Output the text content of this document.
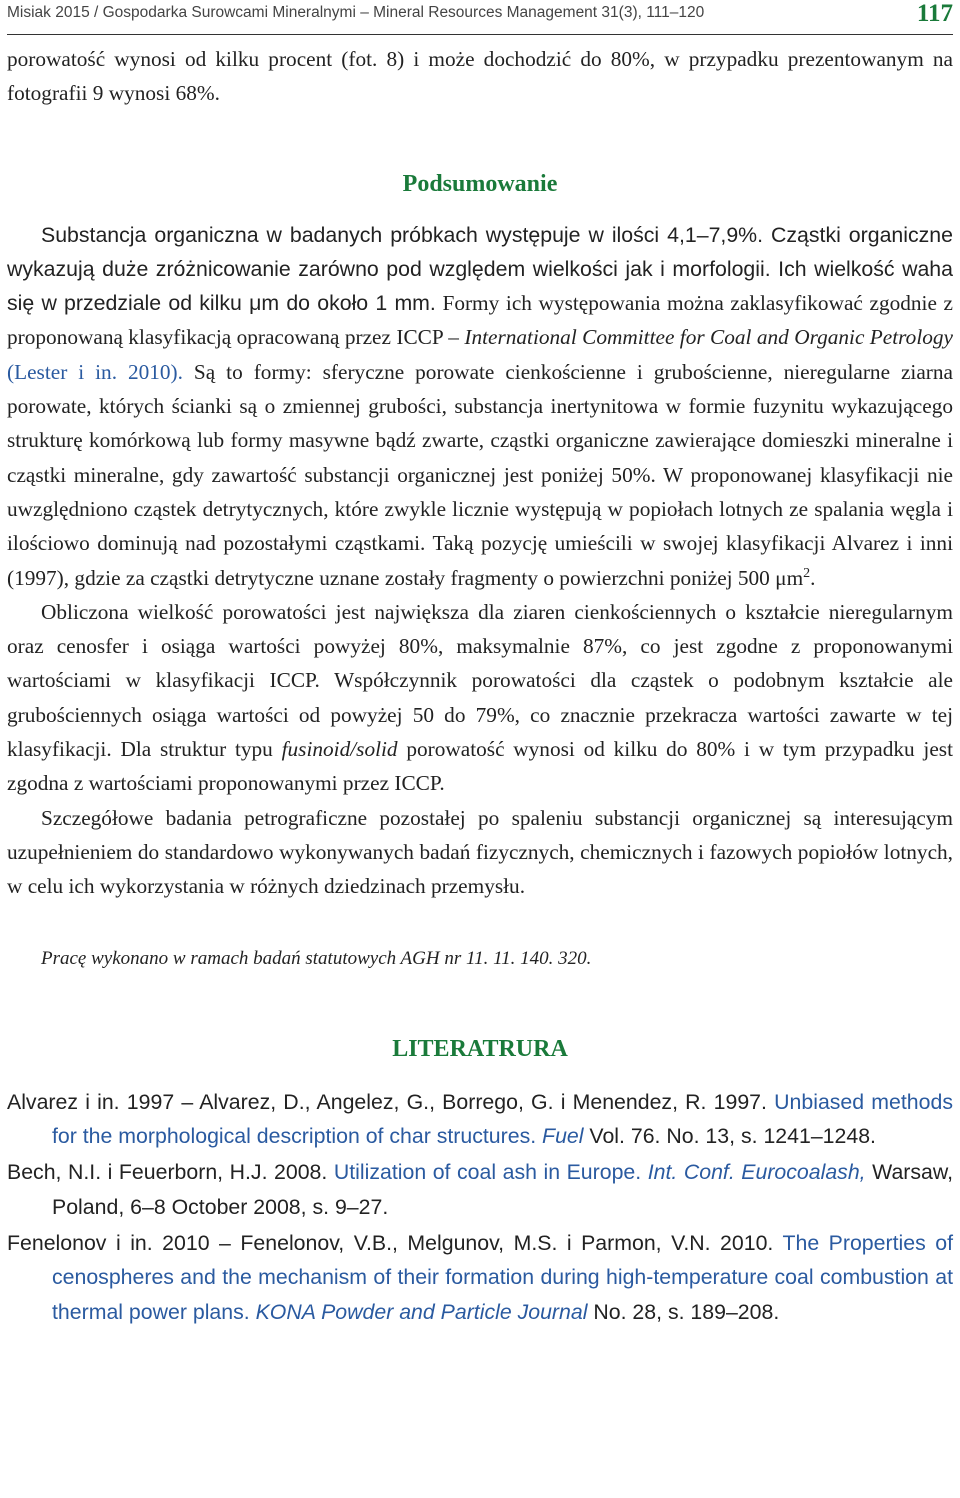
Misiak 2015 / Gospodarka Surowcami Mineralnymi – Mineral Resources Management 31(3), 111–120	117

porowatość wynosi od kilku procent (fot. 8) i może dochodzić do 80%, w przypadku prezentowanym na fotografii 9 wynosi 68%.

Podsumowanie

Substancja organiczna w badanych próbkach występuje w ilości 4,1–7,9%. Cząstki organiczne wykazują duże zróżnicowanie zarówno pod względem wielkości jak i morfologii. Ich wielkość waha się w przedziale od kilku μm do około 1 mm. Formy ich występowania można zaklasyfikować zgodnie z proponowaną klasyfikacją opracowaną przez ICCP – International Committee for Coal and Organic Petrology (Lester i in. 2010). Są to formy: sferyczne porowate cienkościenne i grubościenne, nieregularne ziarna porowate, których ścianki są o zmiennej grubości, substancja inertynitowa w formie fuzynitu wykazującego strukturę komórkową lub formy masywne bądź zwarte, cząstki organiczne zawierające domieszki mineralne i cząstki mineralne, gdy zawartość substancji organicznej jest poniżej 50%. W proponowanej klasyfikacji nie uwzględniono cząstek detrytycznych, które zwykle licznie występują w popiołach lotnych ze spalania węgla i ilościowo dominują nad pozostałymi cząstkami. Taką pozycję umieścili w swojej klasyfikacji Alvarez i inni (1997), gdzie za cząstki detrytyczne uznane zostały fragmenty o powierzchni poniżej 500 $\mu m^2$.

Obliczona wielkość porowatości jest największa dla ziaren cienkościennych o kształcie nieregularnym oraz cenosfer i osiąga wartości powyżej 80%, maksymalnie 87%, co jest zgodne z proponowanymi wartościami w klasyfikacji ICCP. Współczynnik porowatości dla cząstek o podobnym kształcie ale grubościennych osiąga wartości od powyżej 50 do 79%, co znacznie przekracza wartości zawarte w tej klasyfikacji. Dla struktur typu fusinoid/solid porowatość wynosi od kilku do 80% i w tym przypadku jest zgodna z wartościami proponowanymi przez ICCP.

Szczegółowe badania petrograficzne pozostałej po spaleniu substancji organicznej są interesującym uzupełnieniem do standardowo wykonywanych badań fizycznych, chemicznych i fazowych popiołów lotnych, w celu ich wykorzystania w różnych dziedzinach przemysłu.

Pracę wykonano w ramach badań statutowych AGH nr 11. 11. 140. 320.

LITERATRURA

Alvarez i in. 1997 – Alvarez, D., Angelez, G., Borrego, G. i Menendez, R. 1997. Unbiased methods for the morphological description of char structures. Fuel Vol. 76. No. 13, s. 1241–1248.

Bech, N.I. i Feuerborn, H.J. 2008. Utilization of coal ash in Europe. Int. Conf. Eurocoalash, Warsaw, Poland, 6–8 October 2008, s. 9–27.

Fenelonov i in. 2010 – Fenelonov, V.B., Melgunov, M.S. i Parmon, V.N. 2010. The Properties of cenospheres and the mechanism of their formation during high-temperature coal combustion at thermal power plans. KONA Powder and Particle Journal No. 28, s. 189–208.
